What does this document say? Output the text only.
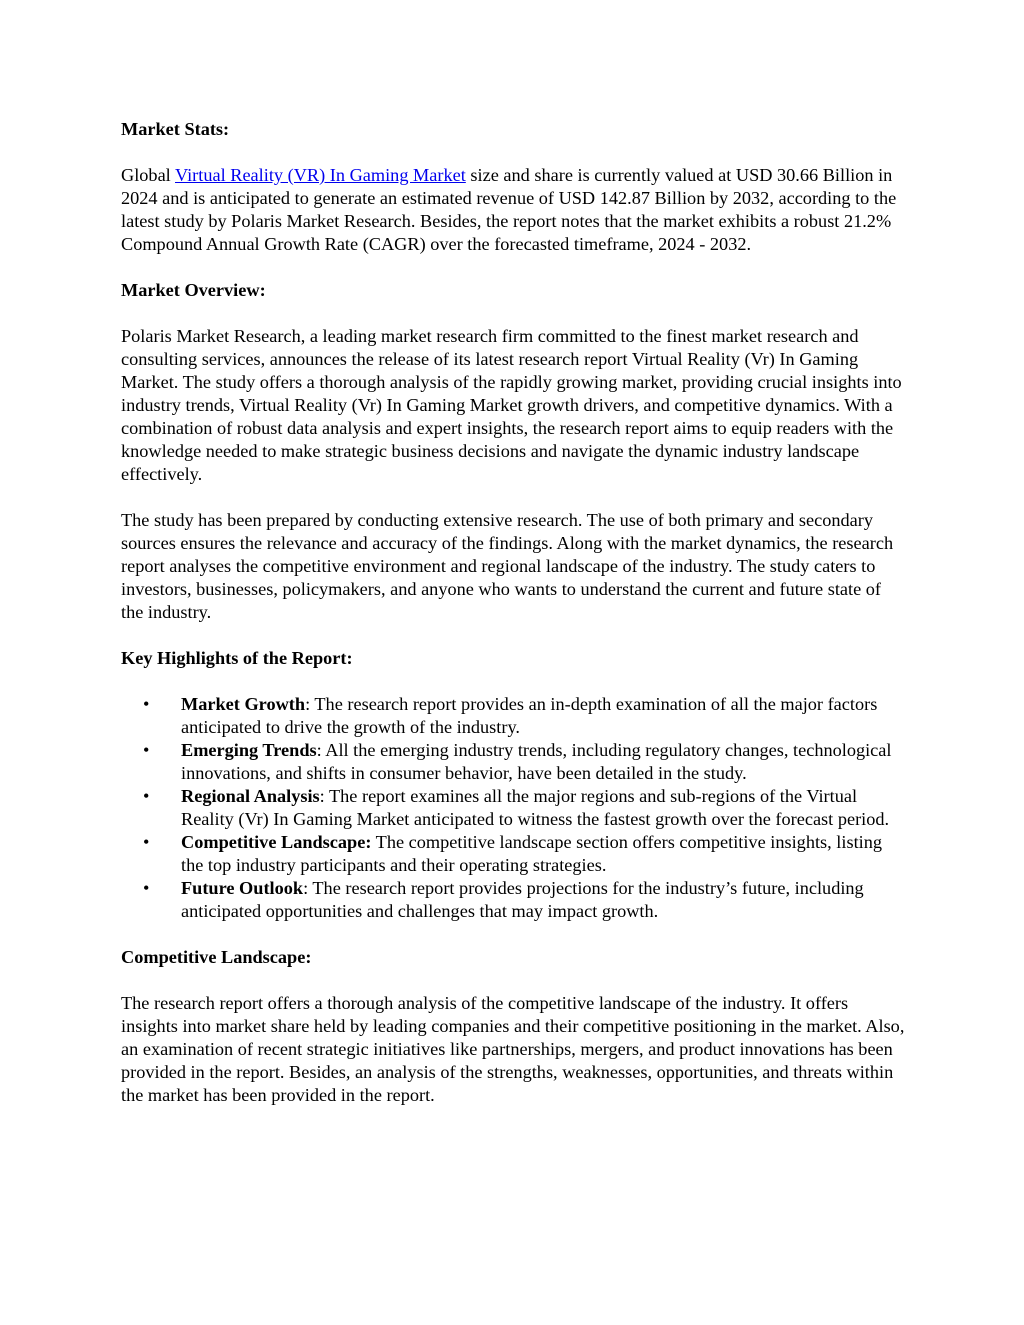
Market Stats:

Global Virtual Reality (VR) In Gaming Market size and share is currently valued at USD 30.66 Billion in 2024 and is anticipated to generate an estimated revenue of USD 142.87 Billion by 2032, according to the latest study by Polaris Market Research. Besides, the report notes that the market exhibits a robust 21.2% Compound Annual Growth Rate (CAGR) over the forecasted timeframe, 2024 - 2032.

Market Overview:

Polaris Market Research, a leading market research firm committed to the finest market research and consulting services, announces the release of its latest research report Virtual Reality (Vr) In Gaming Market. The study offers a thorough analysis of the rapidly growing market, providing crucial insights into industry trends, Virtual Reality (Vr) In Gaming Market growth drivers, and competitive dynamics. With a combination of robust data analysis and expert insights, the research report aims to equip readers with the knowledge needed to make strategic business decisions and navigate the dynamic industry landscape effectively.

The study has been prepared by conducting extensive research. The use of both primary and secondary sources ensures the relevance and accuracy of the findings. Along with the market dynamics, the research report analyses the competitive environment and regional landscape of the industry. The study caters to investors, businesses, policymakers, and anyone who wants to understand the current and future state of the industry.

Key Highlights of the Report:

• Market Growth: The research report provides an in-depth examination of all the major factors anticipated to drive the growth of the industry.
• Emerging Trends: All the emerging industry trends, including regulatory changes, technological innovations, and shifts in consumer behavior, have been detailed in the study.
• Regional Analysis: The report examines all the major regions and sub-regions of the Virtual Reality (Vr) In Gaming Market anticipated to witness the fastest growth over the forecast period.
• Competitive Landscape: The competitive landscape section offers competitive insights, listing the top industry participants and their operating strategies.
• Future Outlook: The research report provides projections for the industry’s future, including anticipated opportunities and challenges that may impact growth.

Competitive Landscape:

The research report offers a thorough analysis of the competitive landscape of the industry. It offers insights into market share held by leading companies and their competitive positioning in the market. Also, an examination of recent strategic initiatives like partnerships, mergers, and product innovations has been provided in the report. Besides, an analysis of the strengths, weaknesses, opportunities, and threats within the market has been provided in the report.
